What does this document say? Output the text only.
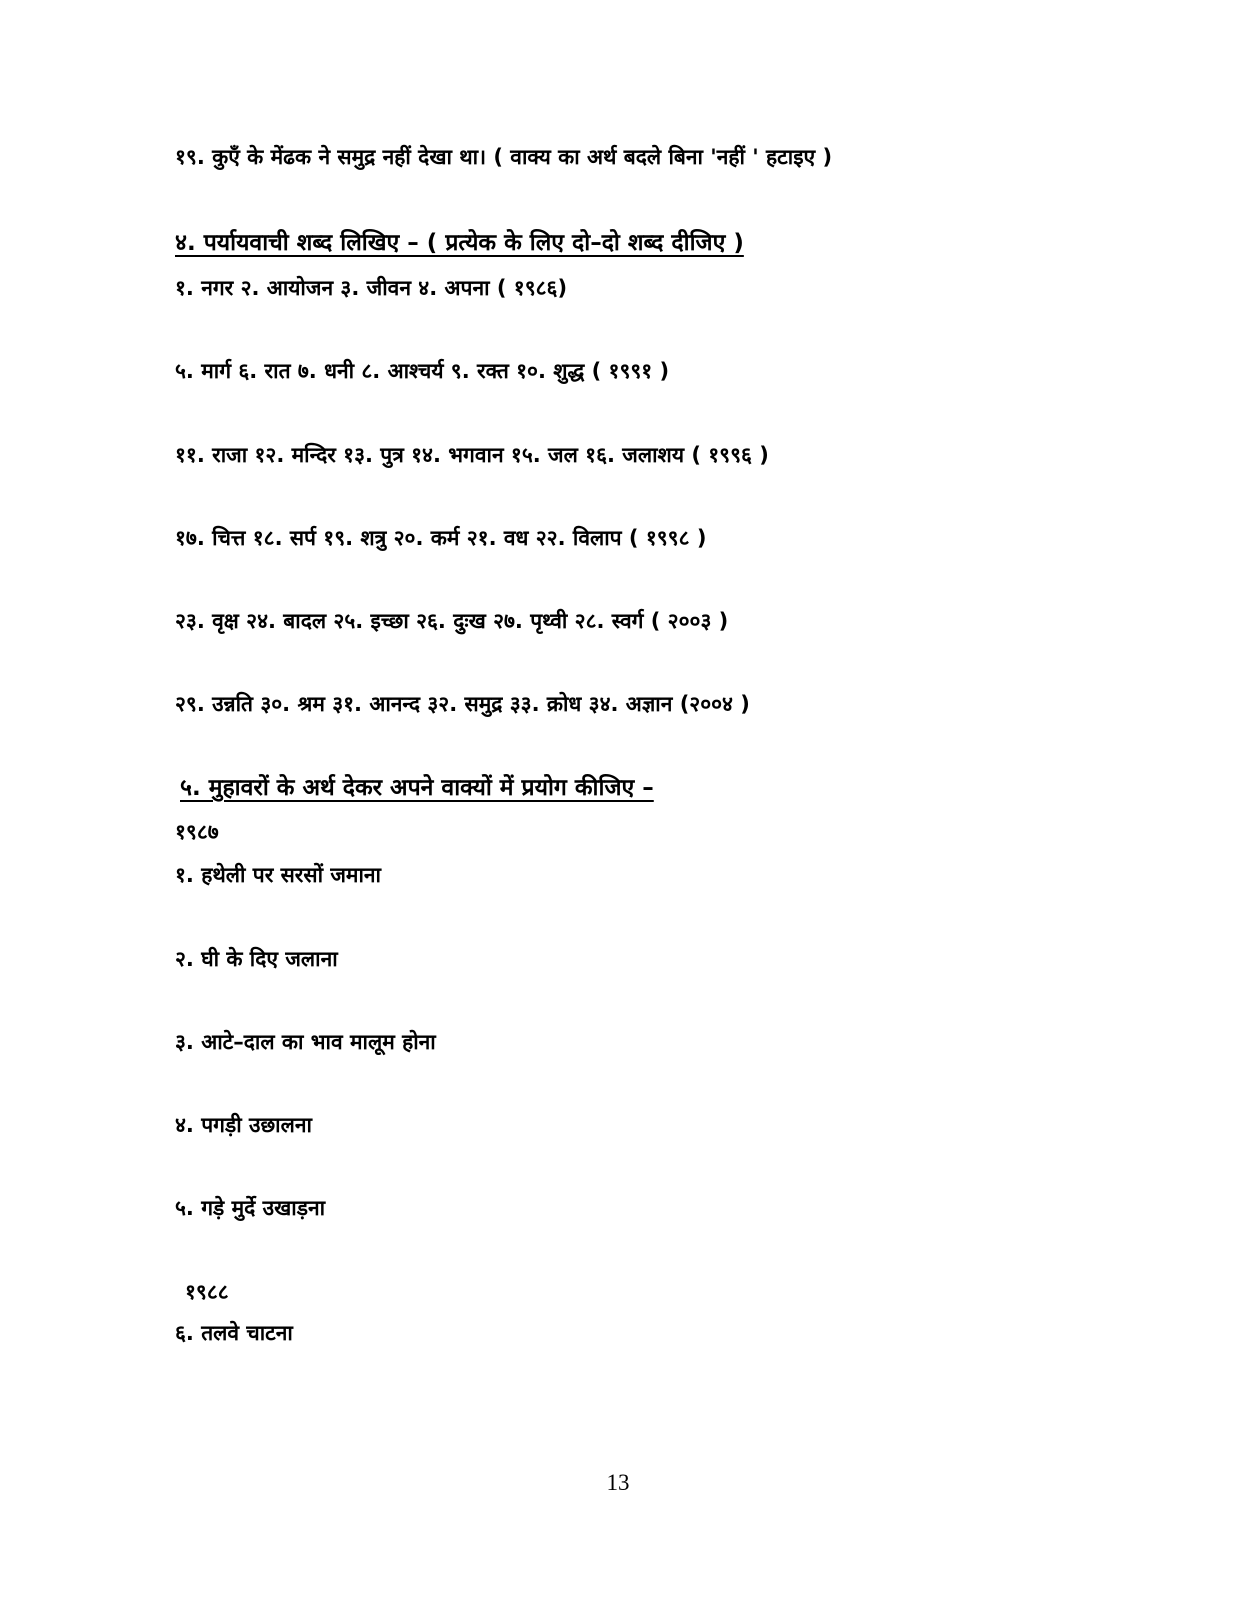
१९. कुएँ के मेंढक ने समुद्र नहीं देखा था। ( वाक्य का अर्थ बदले बिना 'नहीं ' हटाइए )
४. पर्यायवाची शब्द लिखिए – ( प्रत्येक के लिए दो–दो शब्द दीजिए )
१. नगर २. आयोजन ३. जीवन ४. अपना ( १९८६)
५. मार्ग ६. रात ७. धनी ८. आश्चर्य ९. रक्त १०. शुद्ध ( १९९१ )
११. राजा १२. मन्दिर १३. पुत्र १४. भगवान १५. जल १६. जलाशय ( १९९६ )
१७. चित्त १८. सर्प १९. शत्रु २०. कर्म २१. वध २२. विलाप ( १९९८ )
२३. वृक्ष २४. बादल २५. इच्छा २६. दुःख २७. पृथ्वी २८. स्वर्ग ( २००३ )
२९. उन्नति ३०. श्रम ३१. आनन्द ३२. समुद्र ३३. क्रोध ३४. अज्ञान (२००४ )
५. मुहावरों के अर्थ देकर अपने वाक्यों में प्रयोग कीजिए –
१९८७
१. हथेली पर सरसों जमाना
२. घी के दिए जलाना
३. आटे–दाल का भाव मालूम होना
४. पगड़ी उछालना
५. गड़े मुर्दे उखाड़ना
१९८८
६. तलवे चाटना
13
